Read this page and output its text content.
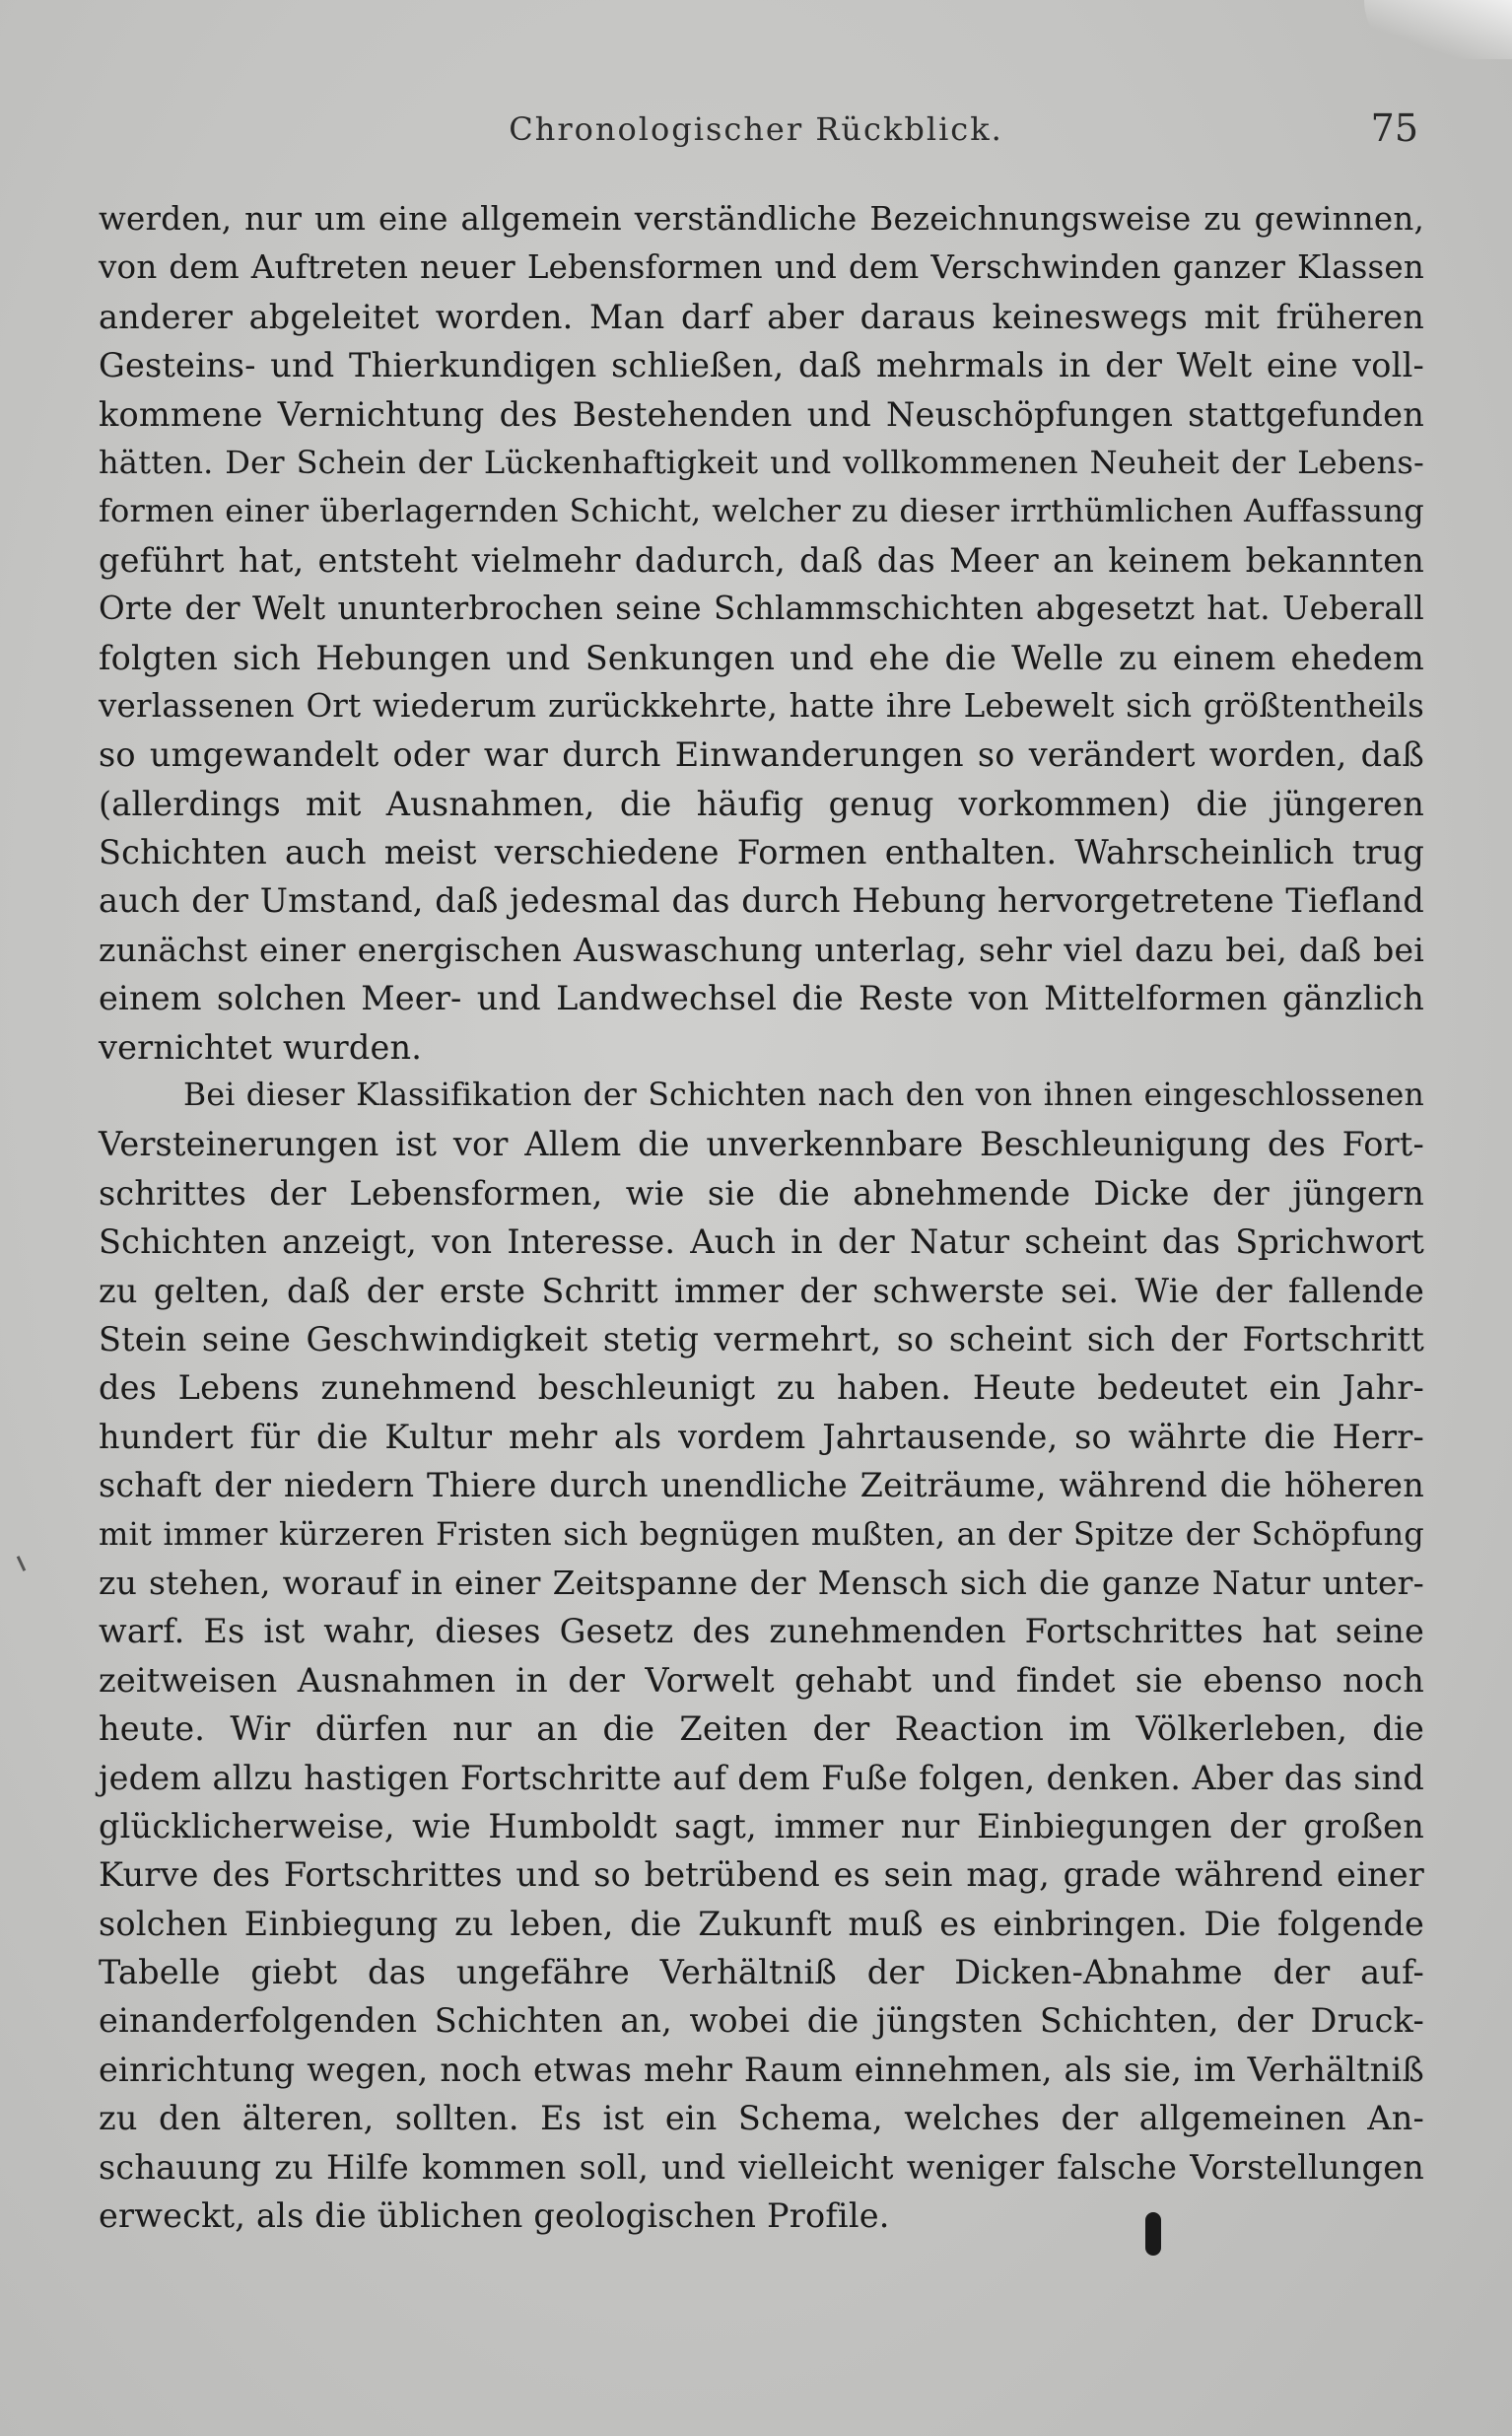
Chronologischer Rückblick.	75
werden, nur um eine allgemein verständliche Bezeichnungsweise zu gewinnen,
von dem Auftreten neuer Lebensformen und dem Verschwinden ganzer Klassen
anderer abgeleitet worden. Man darf aber daraus keineswegs mit früheren
Gesteins- und Thierkundigen schließen, daß mehrmals in der Welt eine voll-
kommene Vernichtung des Bestehenden und Neuschöpfungen stattgefunden
hätten. Der Schein der Lückenhaftigkeit und vollkommenen Neuheit der Lebens-
formen einer überlagernden Schicht, welcher zu dieser irrthümlichen Auffassung
geführt hat, entsteht vielmehr dadurch, daß das Meer an keinem bekannten
Orte der Welt ununterbrochen seine Schlammschichten abgesetzt hat. Ueberall
folgten sich Hebungen und Senkungen und ehe die Welle zu einem ehedem
verlassenen Ort wiederum zurückkehrte, hatte ihre Lebewelt sich größtentheils
so umgewandelt oder war durch Einwanderungen so verändert worden, daß
(allerdings mit Ausnahmen, die häufig genug vorkommen) die jüngeren
Schichten auch meist verschiedene Formen enthalten. Wahrscheinlich trug
auch der Umstand, daß jedesmal das durch Hebung hervorgetretene Tiefland
zunächst einer energischen Auswaschung unterlag, sehr viel dazu bei, daß bei
einem solchen Meer- und Landwechsel die Reste von Mittelformen gänzlich
vernichtet wurden.
Bei dieser Klassifikation der Schichten nach den von ihnen eingeschlossenen
Versteinerungen ist vor Allem die unverkennbare Beschleunigung des Fort-
schrittes der Lebensformen, wie sie die abnehmende Dicke der jüngern
Schichten anzeigt, von Interesse. Auch in der Natur scheint das Sprichwort
zu gelten, daß der erste Schritt immer der schwerste sei. Wie der fallende
Stein seine Geschwindigkeit stetig vermehrt, so scheint sich der Fortschritt
des Lebens zunehmend beschleunigt zu haben. Heute bedeutet ein Jahr-
hundert für die Kultur mehr als vordem Jahrtausende, so währte die Herr-
schaft der niedern Thiere durch unendliche Zeiträume, während die höheren
mit immer kürzeren Fristen sich begnügen mußten, an der Spitze der Schöpfung
zu stehen, worauf in einer Zeitspanne der Mensch sich die ganze Natur unter-
warf. Es ist wahr, dieses Gesetz des zunehmenden Fortschrittes hat seine
zeitweisen Ausnahmen in der Vorwelt gehabt und findet sie ebenso noch
heute. Wir dürfen nur an die Zeiten der Reaction im Völkerleben, die
jedem allzu hastigen Fortschritte auf dem Fuße folgen, denken. Aber das sind
glücklicherweise, wie Humboldt sagt, immer nur Einbiegungen der großen
Kurve des Fortschrittes und so betrübend es sein mag, grade während einer
solchen Einbiegung zu leben, die Zukunft muß es einbringen. Die folgende
Tabelle giebt das ungefähre Verhältniß der Dicken-Abnahme der auf-
einanderfolgenden Schichten an, wobei die jüngsten Schichten, der Druck-
einrichtung wegen, noch etwas mehr Raum einnehmen, als sie, im Verhältniß
zu den älteren, sollten. Es ist ein Schema, welches der allgemeinen An-
schauung zu Hilfe kommen soll, und vielleicht weniger falsche Vorstellungen
erweckt, als die üblichen geologischen Profile.
